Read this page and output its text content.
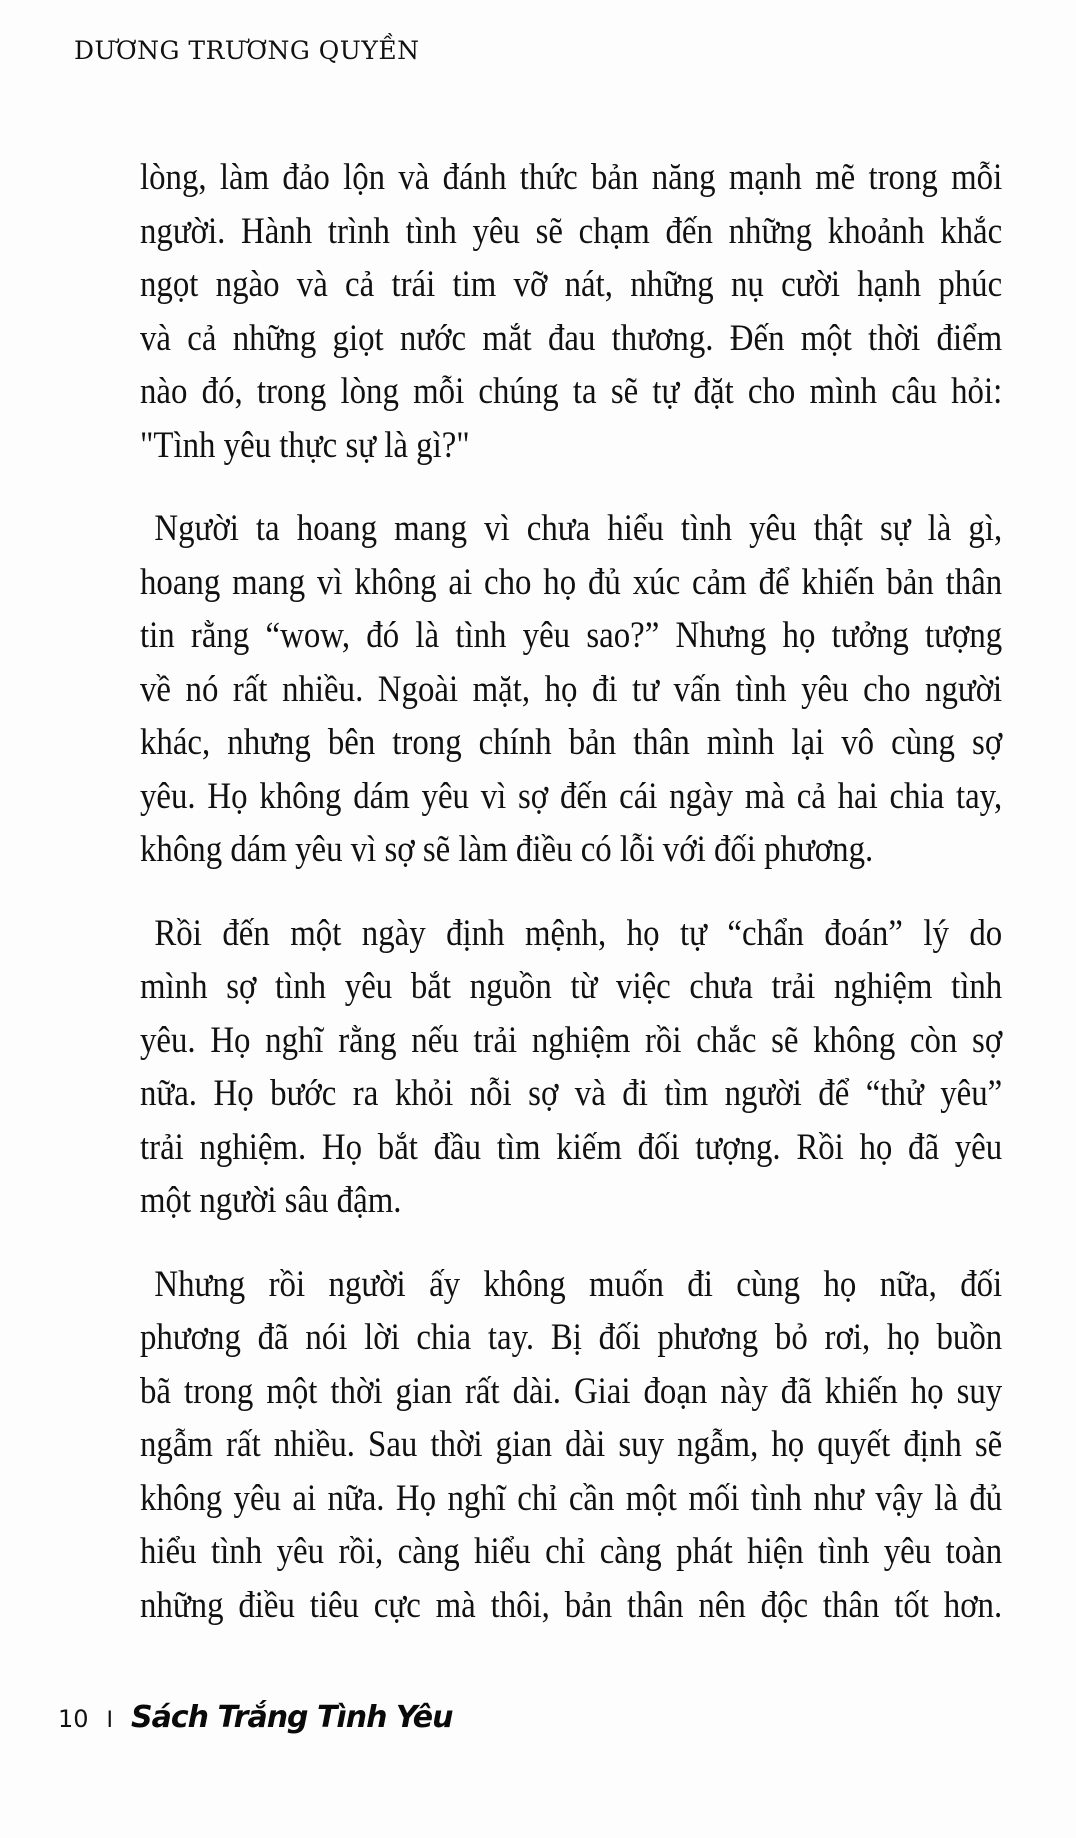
DƯƠNG TRƯƠNG QUYỀN
lòng, làm đảo lộn và đánh thức bản năng mạnh mẽ trong mỗi
người. Hành trình tình yêu sẽ chạm đến những khoảnh khắc
ngọt ngào và cả trái tim vỡ nát, những nụ cười hạnh phúc
và cả những giọt nước mắt đau thương. Đến một thời điểm
nào đó, trong lòng mỗi chúng ta sẽ tự đặt cho mình câu hỏi:
"Tình yêu thực sự là gì?"
Người ta hoang mang vì chưa hiểu tình yêu thật sự là gì,
hoang mang vì không ai cho họ đủ xúc cảm để khiến bản thân
tin rằng “wow, đó là tình yêu sao?” Nhưng họ tưởng tượng
về nó rất nhiều. Ngoài mặt, họ đi tư vấn tình yêu cho người
khác, nhưng bên trong chính bản thân mình lại vô cùng sợ
yêu. Họ không dám yêu vì sợ đến cái ngày mà cả hai chia tay,
không dám yêu vì sợ sẽ làm điều có lỗi với đối phương.
Rồi đến một ngày định mệnh, họ tự “chẩn đoán” lý do
mình sợ tình yêu bắt nguồn từ việc chưa trải nghiệm tình
yêu. Họ nghĩ rằng nếu trải nghiệm rồi chắc sẽ không còn sợ
nữa. Họ bước ra khỏi nỗi sợ và đi tìm người để “thử yêu”
trải nghiệm. Họ bắt đầu tìm kiếm đối tượng. Rồi họ đã yêu
một người sâu đậm.
Nhưng rồi người ấy không muốn đi cùng họ nữa, đối
phương đã nói lời chia tay. Bị đối phương bỏ rơi, họ buồn
bã trong một thời gian rất dài. Giai đoạn này đã khiến họ suy
ngẫm rất nhiều. Sau thời gian dài suy ngẫm, họ quyết định sẽ
không yêu ai nữa. Họ nghĩ chỉ cần một mối tình như vậy là đủ
hiểu tình yêu rồi, càng hiểu chỉ càng phát hiện tình yêu toàn
những điều tiêu cực mà thôi, bản thân nên độc thân tốt hơn.
10 I Sách Trắng Tình Yêu
